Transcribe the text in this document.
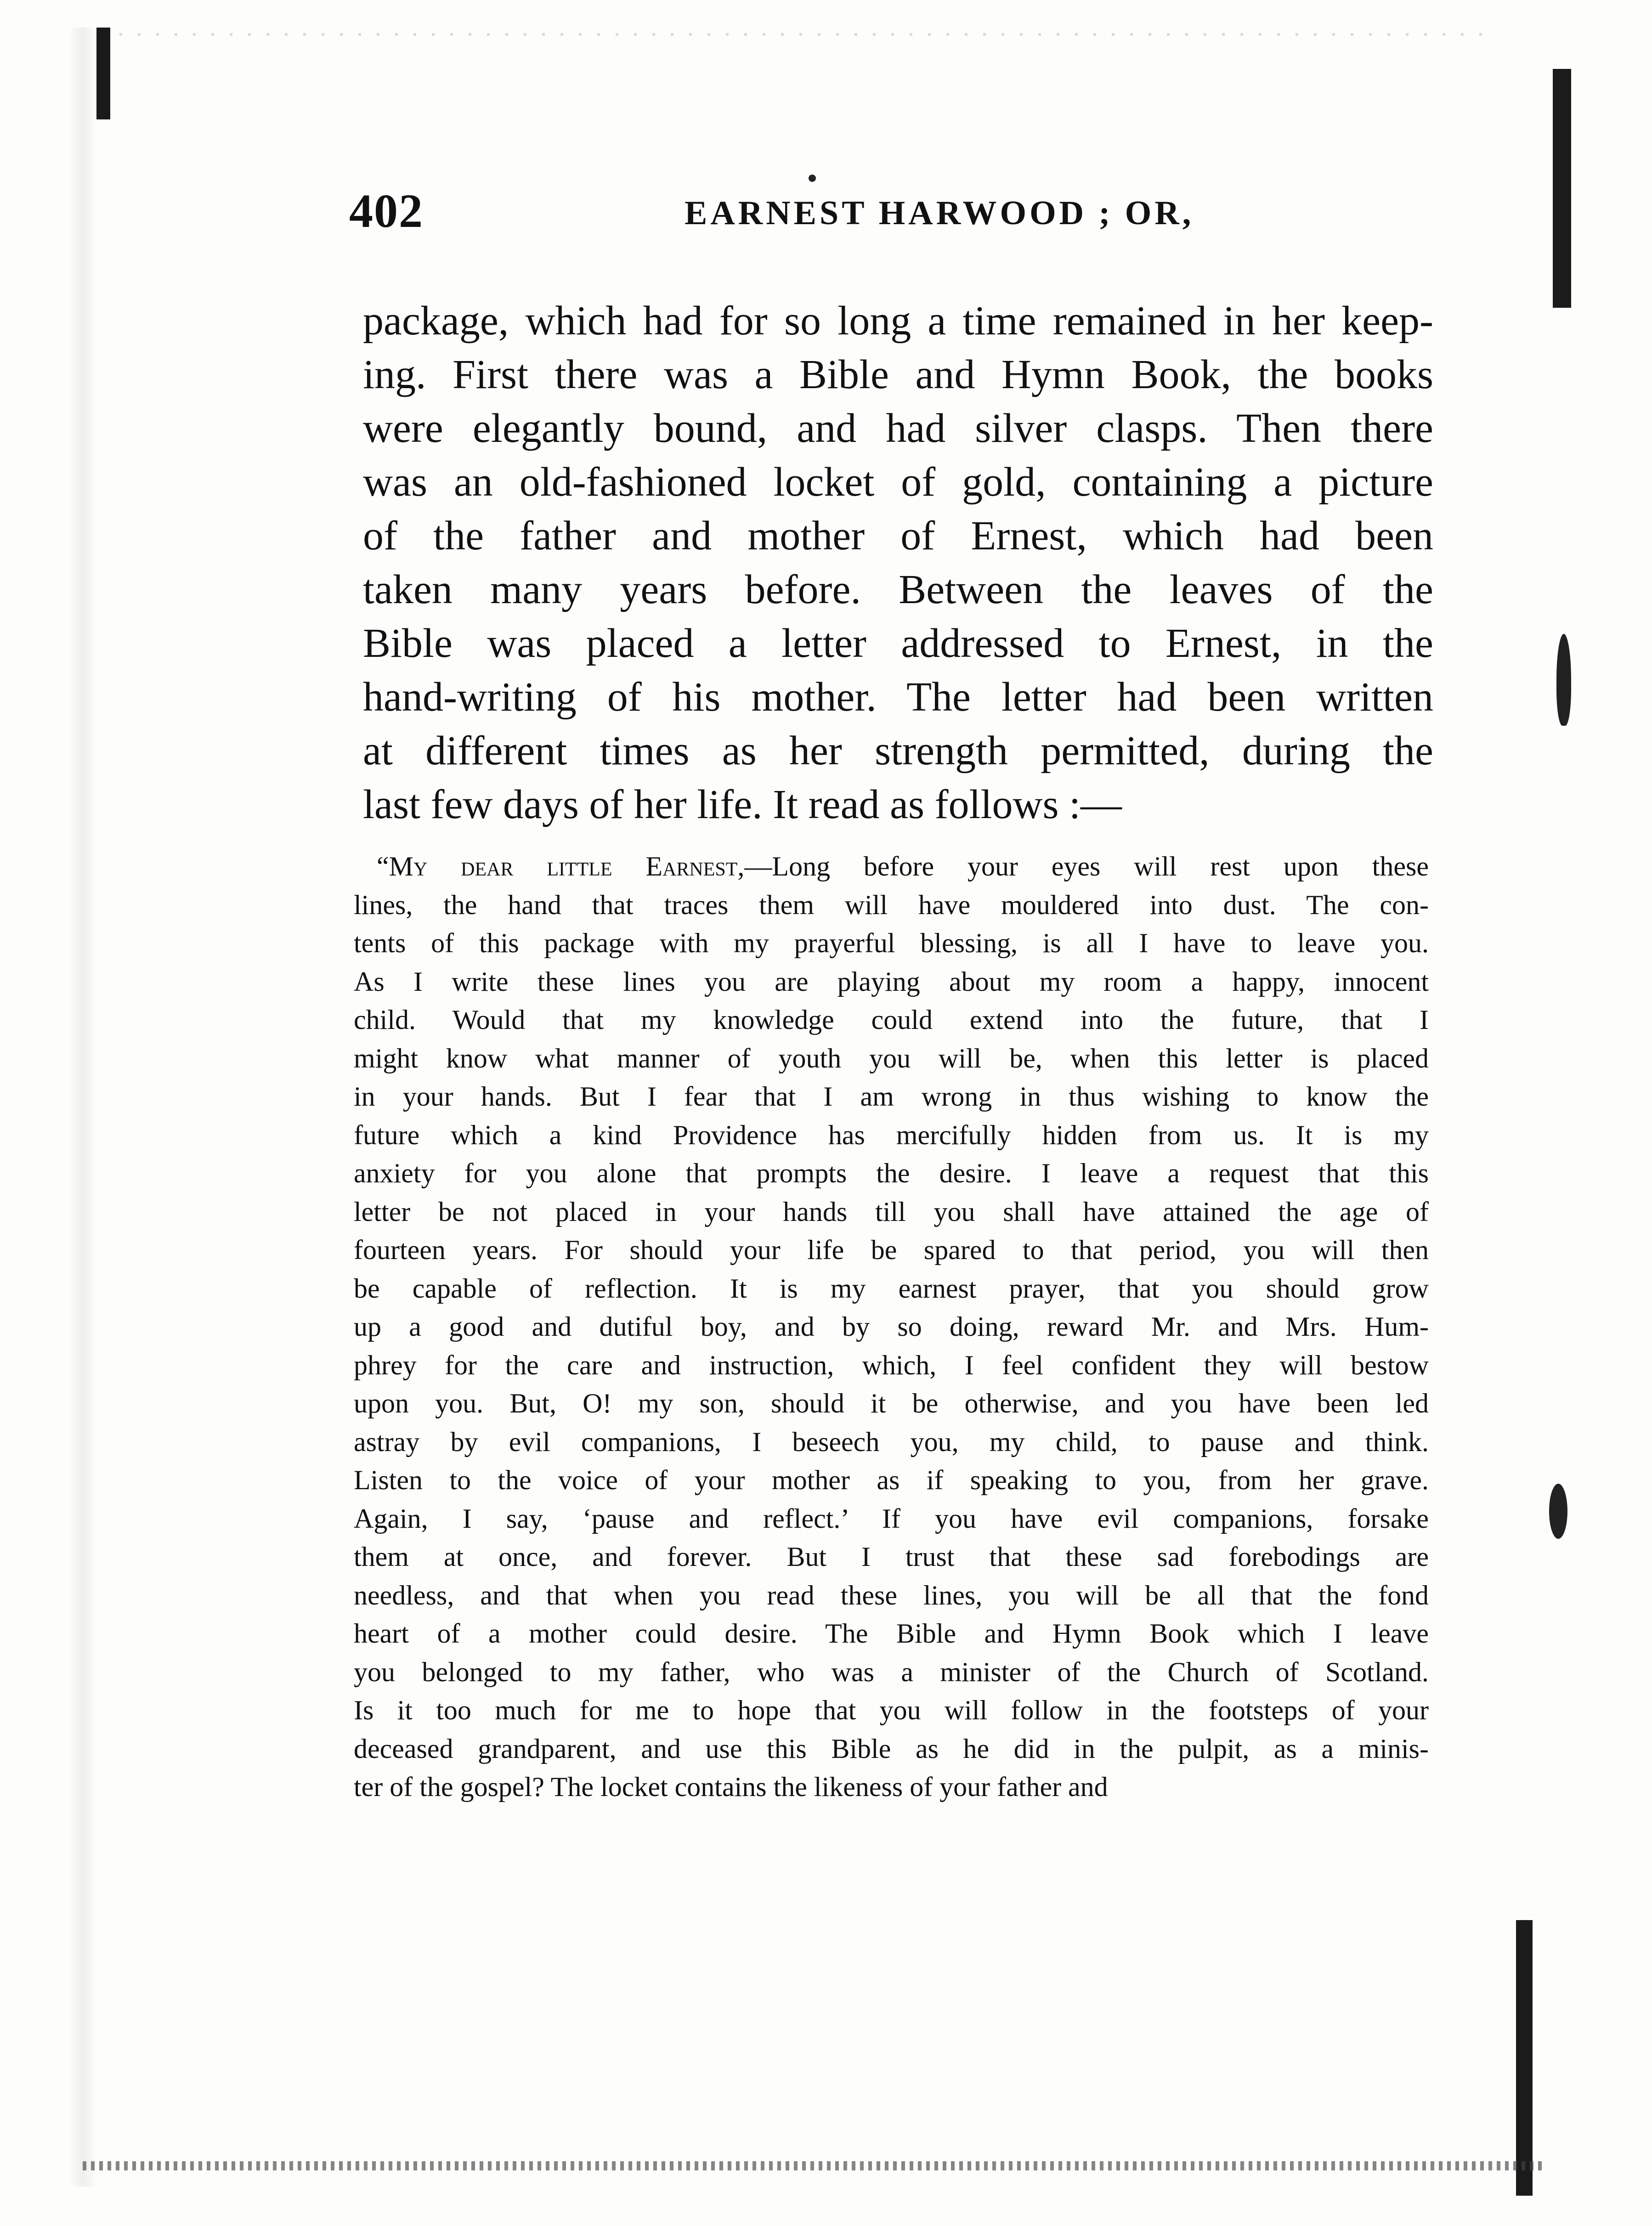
402	EARNEST HARWOOD ; OR,
package, which had for so long a time remained in her keep-
ing. First there was a Bible and Hymn Book, the books
were elegantly bound, and had silver clasps. Then there
was an old-fashioned locket of gold, containing a picture
of the father and mother of Ernest, which had been
taken many years before. Between the leaves of the
Bible was placed a letter addressed to Ernest, in the
hand-writing of his mother. The letter had been written
at different times as her strength permitted, during the
last few days of her life. It read as follows :—
“My dear little Earnest,—Long before your eyes will rest upon these
lines, the hand that traces them will have mouldered into dust. The con-
tents of this package with my prayerful blessing, is all I have to leave you.
As I write these lines you are playing about my room a happy, innocent
child. Would that my knowledge could extend into the future, that I
might know what manner of youth you will be, when this letter is placed
in your hands. But I fear that I am wrong in thus wishing to know the
future which a kind Providence has mercifully hidden from us. It is my
anxiety for you alone that prompts the desire. I leave a request that this
letter be not placed in your hands till you shall have attained the age of
fourteen years. For should your life be spared to that period, you will then
be capable of reflection. It is my earnest prayer, that you should grow
up a good and dutiful boy, and by so doing, reward Mr. and Mrs. Hum-
phrey for the care and instruction, which, I feel confident they will bestow
upon you. But, O! my son, should it be otherwise, and you have been led
astray by evil companions, I beseech you, my child, to pause and think.
Listen to the voice of your mother as if speaking to you, from her grave.
Again, I say, ‘pause and reflect.’ If you have evil companions, forsake
them at once, and forever. But I trust that these sad forebodings are
needless, and that when you read these lines, you will be all that the fond
heart of a mother could desire. The Bible and Hymn Book which I leave
you belonged to my father, who was a minister of the Church of Scotland.
Is it too much for me to hope that you will follow in the footsteps of your
deceased grandparent, and use this Bible as he did in the pulpit, as a minis-
ter of the gospel? The locket contains the likeness of your father and
